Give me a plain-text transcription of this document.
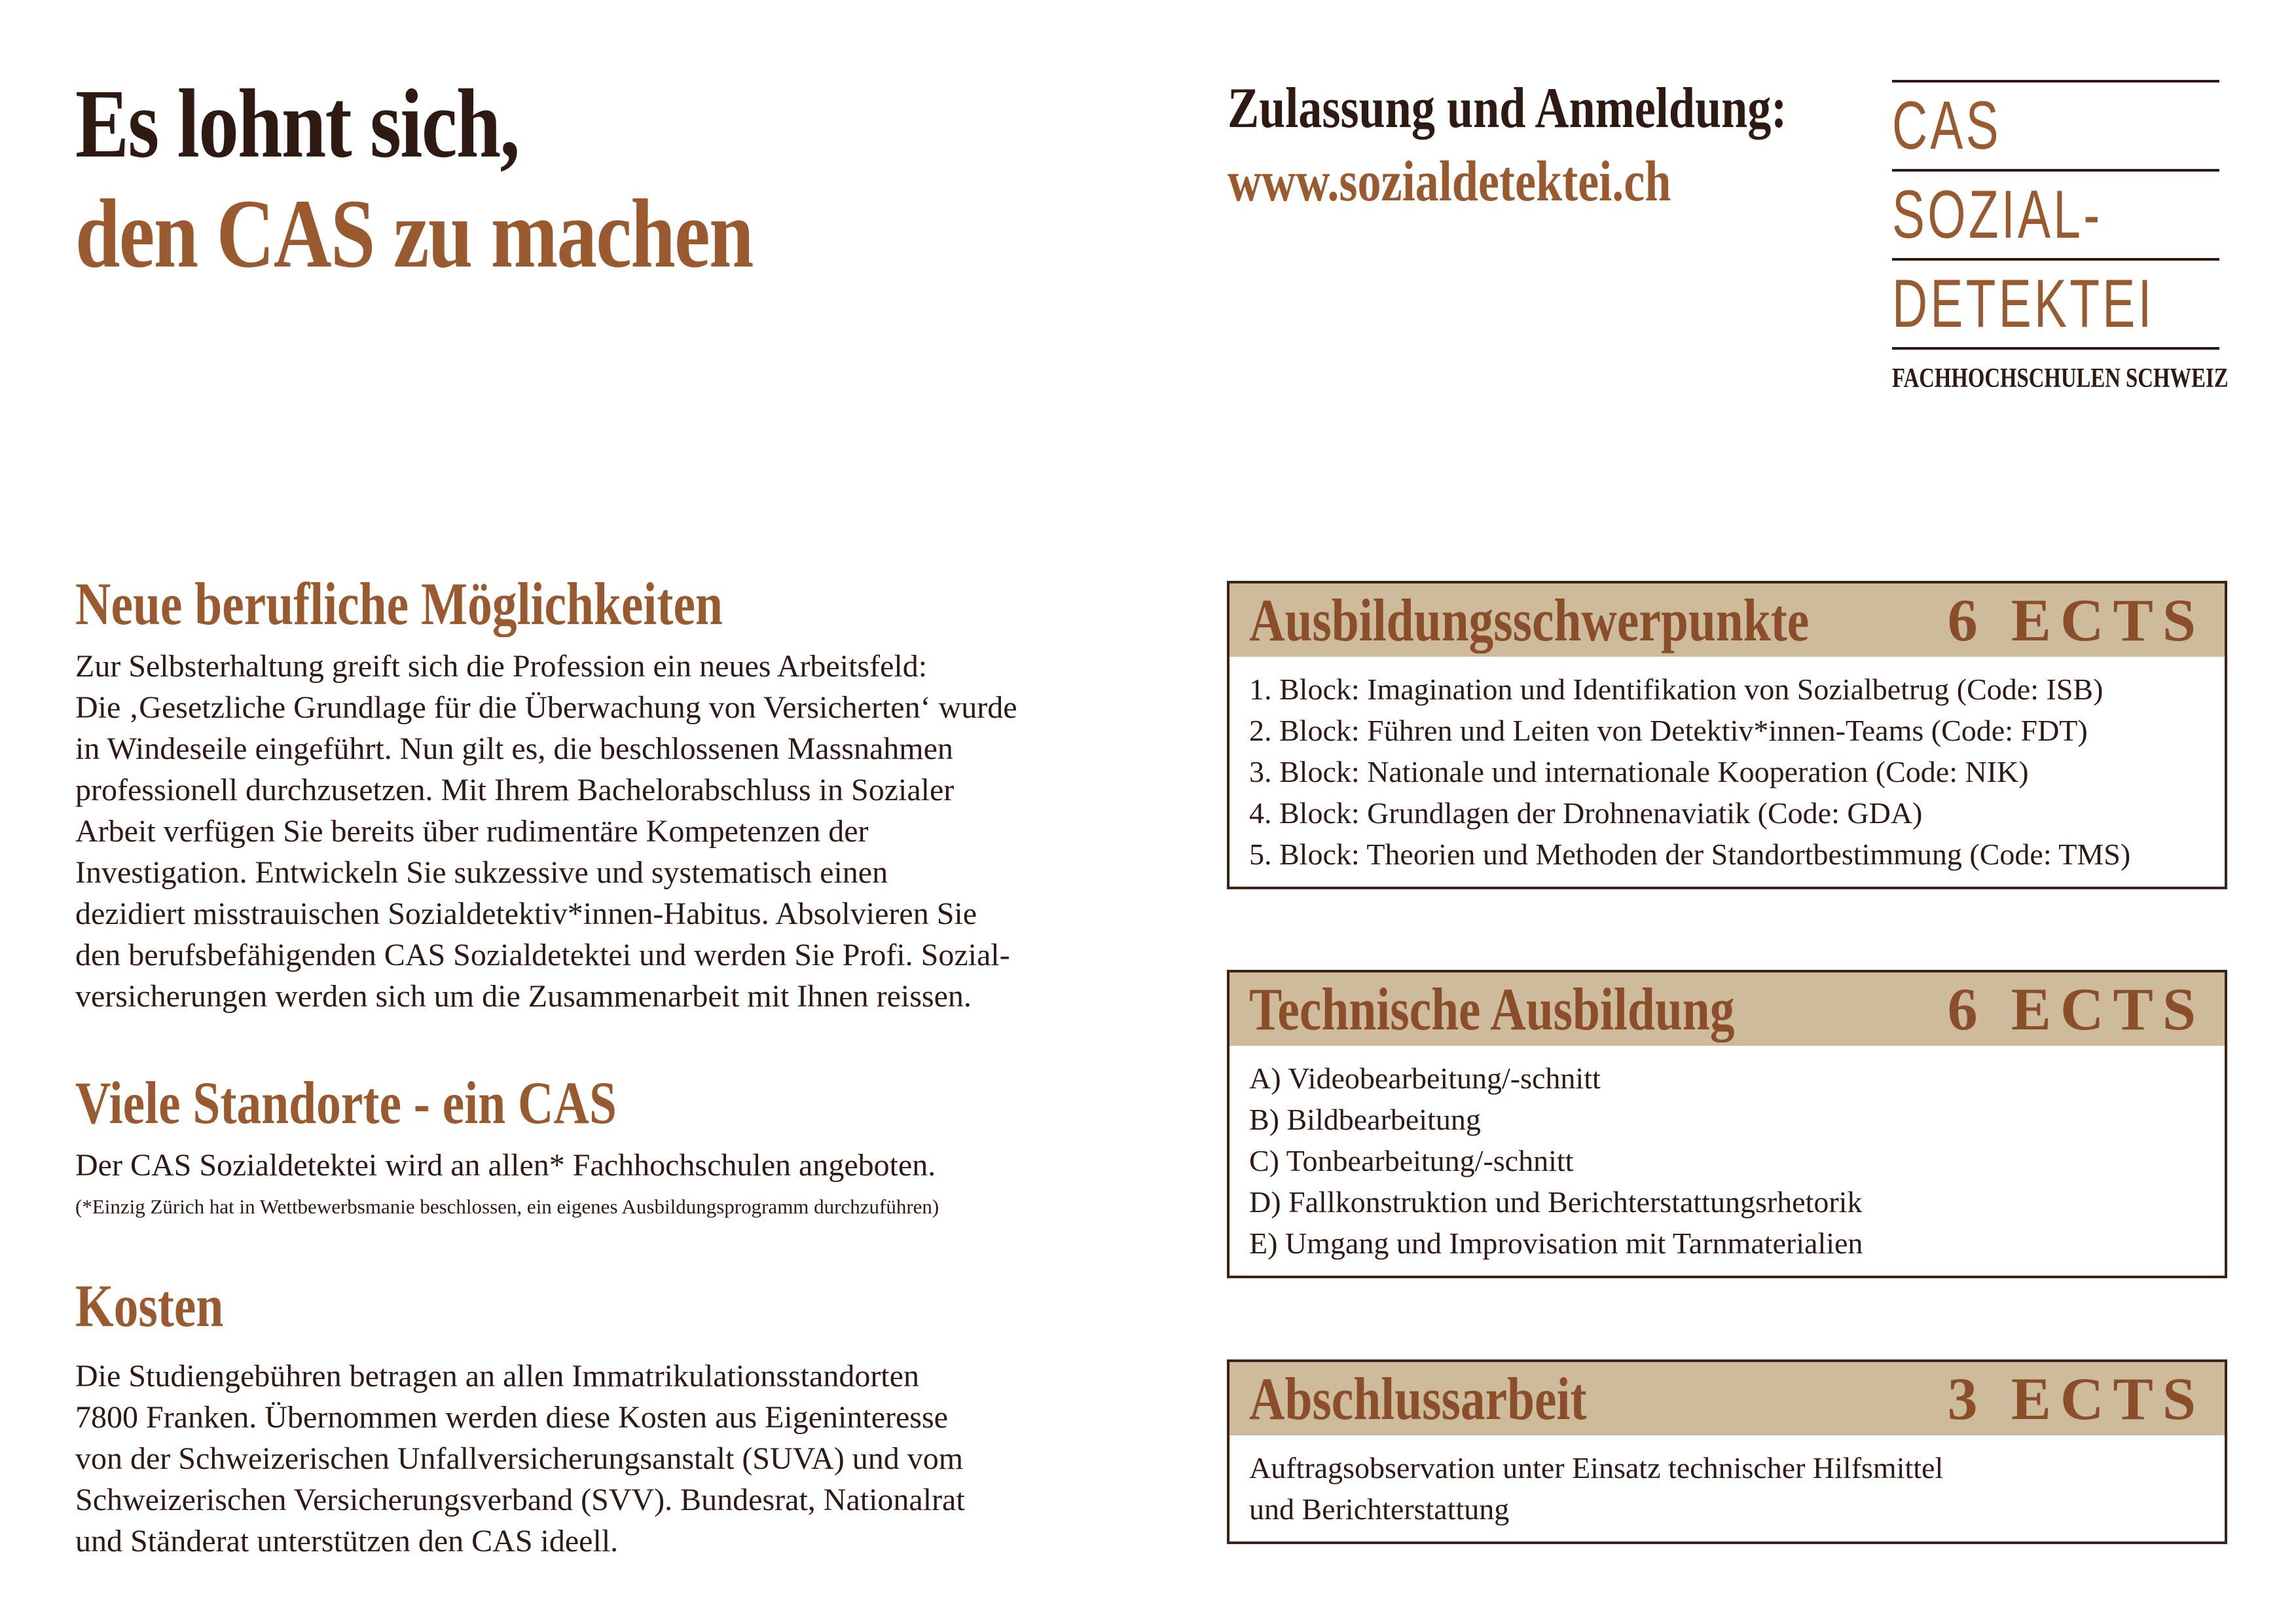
Es lohnt sich,
den CAS zu machen
Zulassung und Anmeldung:
www.sozialdetektei.ch
CAS
SOZIAL-
DETEKTEI
FACHHOCHSCHULEN SCHWEIZ
Neue berufliche Möglichkeiten
Zur Selbsterhaltung greift sich die Profession ein neues Arbeitsfeld:
Die ‚Gesetzliche Grundlage für die Überwachung von Versicherten‘ wurde
in Windeseile eingeführt. Nun gilt es, die beschlossenen Massnahmen
professionell durchzusetzen. Mit Ihrem Bachelorabschluss in Sozialer
Arbeit verfügen Sie bereits über rudimentäre Kompetenzen der
Investigation. Entwickeln Sie sukzessive und systematisch einen
dezidiert misstrauischen Sozialdetektiv*innen-Habitus. Absolvieren Sie
den berufsbefähigenden CAS Sozialdetektei und werden Sie Profi. Sozial-
versicherungen werden sich um die Zusammenarbeit mit Ihnen reissen.
Viele Standorte - ein CAS
Der CAS Sozialdetektei wird an allen* Fachhochschulen angeboten.
(*Einzig Zürich hat in Wettbewerbsmanie beschlossen, ein eigenes Ausbildungsprogramm durchzuführen)
Kosten
Die Studiengebühren betragen an allen Immatrikulationsstandorten
7800 Franken. Übernommen werden diese Kosten aus Eigeninteresse
von der Schweizerischen Unfallversicherungsanstalt (SUVA) und vom
Schweizerischen Versicherungsverband (SVV). Bundesrat, Nationalrat
und Ständerat unterstützen den CAS ideell.
Ausbildungsschwerpunkte 6 ECTS
1. Block: Imagination und Identifikation von Sozialbetrug (Code: ISB)
2. Block: Führen und Leiten von Detektiv*innen-Teams (Code: FDT)
3. Block: Nationale und internationale Kooperation (Code: NIK)
4. Block: Grundlagen der Drohnenaviatik (Code: GDA)
5. Block: Theorien und Methoden der Standortbestimmung (Code: TMS)
Technische Ausbildung	6 ECTS
A) Videobearbeitung/-schnitt
B) Bildbearbeitung
C) Tonbearbeitung/-schnitt
D) Fallkonstruktion und Berichterstattungsrhetorik
E) Umgang und Improvisation mit Tarnmaterialien
Abschlussarbeit	3 ECTS
Auftragsobservation unter Einsatz technischer Hilfsmittel
und Berichterstattung
